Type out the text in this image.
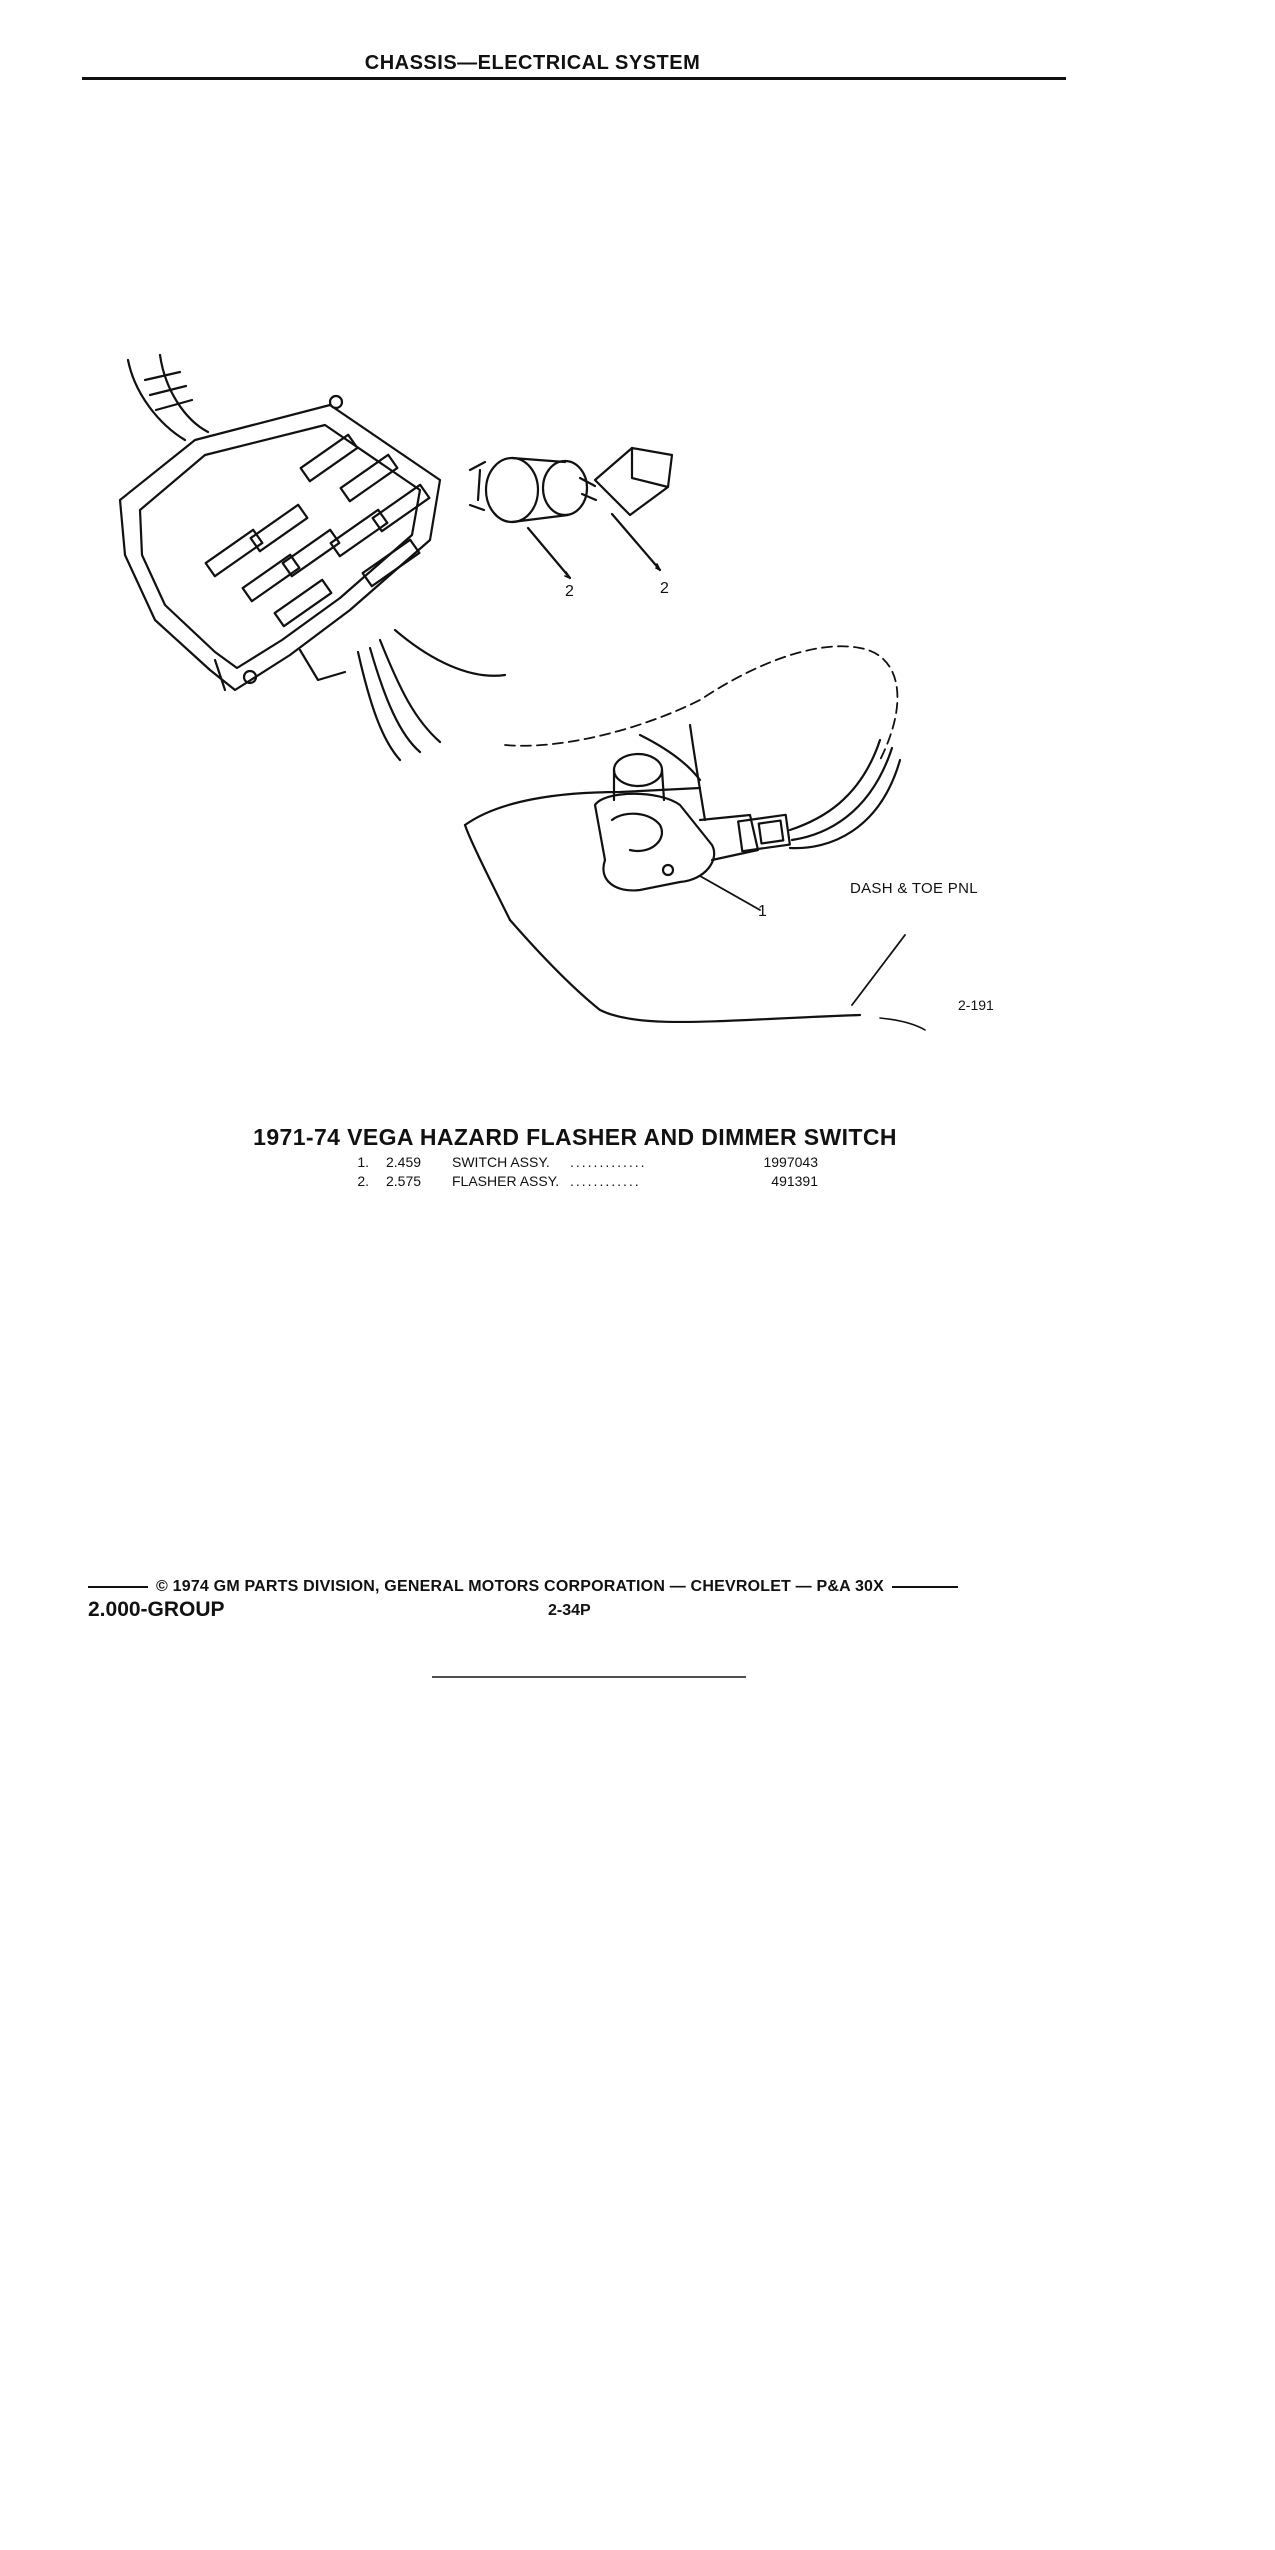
CHASSIS—ELECTRICAL SYSTEM
2	2
1
DASH & TOE PNL
2-191
1971-74 VEGA HAZARD FLASHER AND DIMMER SWITCH
1. 2.459 SWITCH ASSY. .............	1997043
2. 2.575 FLASHER ASSY. ............	491391
© 1974 GM PARTS DIVISION, GENERAL MOTORS CORPORATION — CHEVROLET — P&A 30X
2.000-GROUP	2-34P
